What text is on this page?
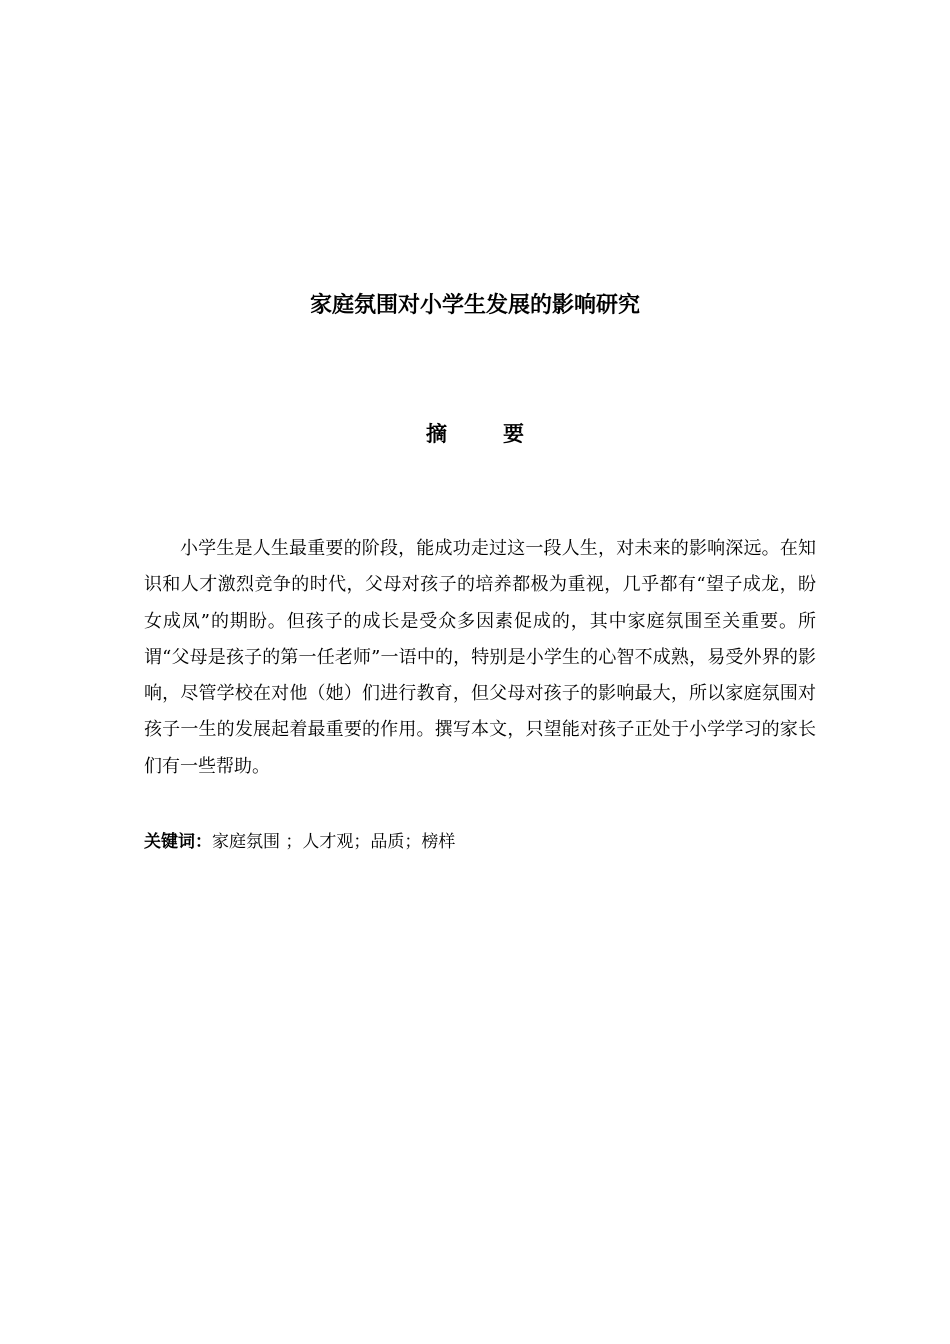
家庭氛围对小学生发展的影响研究
摘	要

小学生是人生最重要的阶段，能成功走过这一段人生，对未来的影响深远。在知识和人才激烈竞争的时代，父母对孩子的培养都极为重视，几乎都有“望子成龙，盼女成凤”的期盼。但孩子的成长是受众多因素促成的，其中家庭氛围至关重要。所谓“父母是孩子的第一任老师”一语中的，特别是小学生的心智不成熟，易受外界的影响，尽管学校在对他（她）们进行教育，但父母对孩子的影响最大，所以家庭氛围对孩子一生的发展起着最重要的作用。撰写本文，只望能对孩子正处于小学学习的家长们有一些帮助。

关键词：家庭氛围 ；人才观；品质；榜样
